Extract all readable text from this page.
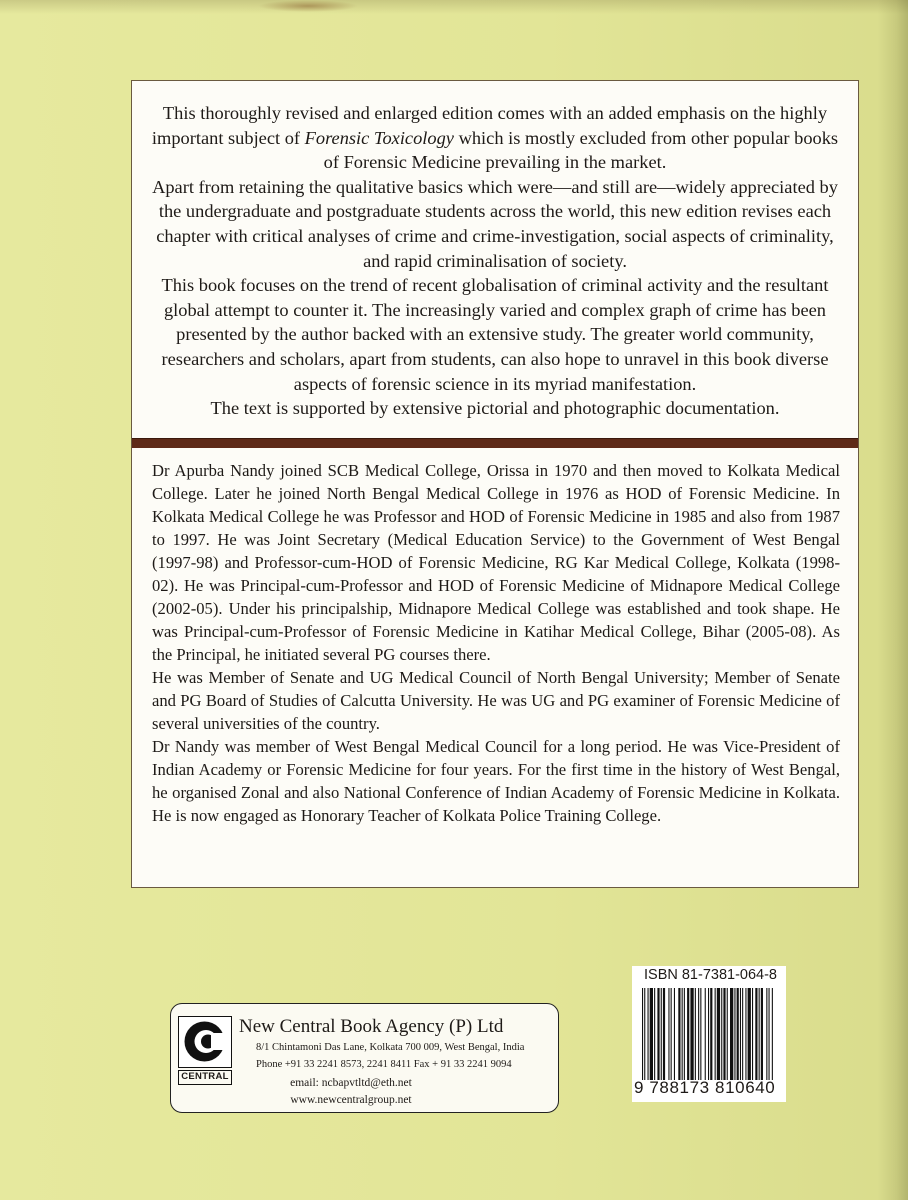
This thoroughly revised and enlarged edition comes with an added emphasis on the highly important subject of Forensic Toxicology which is mostly excluded from other popular books of Forensic Medicine prevailing in the market.

Apart from retaining the qualitative basics which were—and still are—widely appreciated by the undergraduate and postgraduate students across the world, this new edition revises each chapter with critical analyses of crime and crime-investigation, social aspects of criminality, and rapid criminalisation of society.

This book focuses on the trend of recent globalisation of criminal activity and the resultant global attempt to counter it. The increasingly varied and complex graph of crime has been presented by the author backed with an extensive study. The greater world community, researchers and scholars, apart from students, can also hope to unravel in this book diverse aspects of forensic science in its myriad manifestation.

The text is supported by extensive pictorial and photographic documentation.

Dr Apurba Nandy joined SCB Medical College, Orissa in 1970 and then moved to Kolkata Medical College. Later he joined North Bengal Medical College in 1976 as HOD of Forensic Medicine. In Kolkata Medical College he was Professor and HOD of Forensic Medicine in 1985 and also from 1987 to 1997. He was Joint Secretary (Medical Education Service) to the Government of West Bengal (1997-98) and Professor-cum-HOD of Forensic Medicine, RG Kar Medical College, Kolkata (1998-02). He was Principal-cum-Professor and HOD of Forensic Medicine of Midnapore Medical College (2002-05). Under his principalship, Midnapore Medical College was established and took shape. He was Principal-cum-Professor of Forensic Medicine in Katihar Medical College, Bihar (2005-08). As the Principal, he initiated several PG courses there.

He was Member of Senate and UG Medical Council of North Bengal University; Member of Senate and PG Board of Studies of Calcutta University. He was UG and PG examiner of Forensic Medicine of several universities of the country.

Dr Nandy was member of West Bengal Medical Council for a long period. He was Vice-President of Indian Academy or Forensic Medicine for four years. For the first time in the history of West Bengal, he organised Zonal and also National Conference of Indian Academy of Forensic Medicine in Kolkata. He is now engaged as Honorary Teacher of Kolkata Police Training College.

CENTRAL
New Central Book Agency (P) Ltd
8/1 Chintamoni Das Lane, Kolkata 700 009, West Bengal, India
Phone +91 33 2241 8573, 2241 8411 Fax + 91 33 2241 9094
email: ncbapvtltd@eth.net
www.newcentralgroup.net
ISBN 81-7381-064-8
9 788173 810640
